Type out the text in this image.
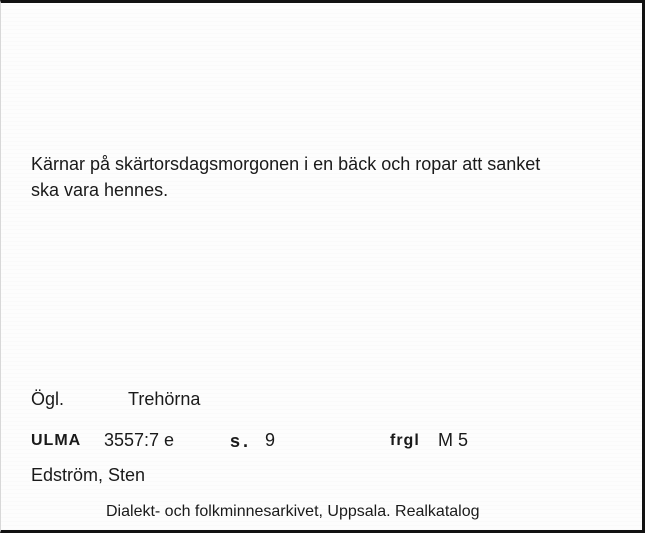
Kärnar på skärtorsdagsmorgonen i en bäck och ropar att sanket
ska vara hennes.
Ögl.	Trehörna
ULMA 3557:7 e	s. 9	frgl M 5
Edström, Sten
Dialekt- och folkminnesarkivet, Uppsala. Realkatalog
